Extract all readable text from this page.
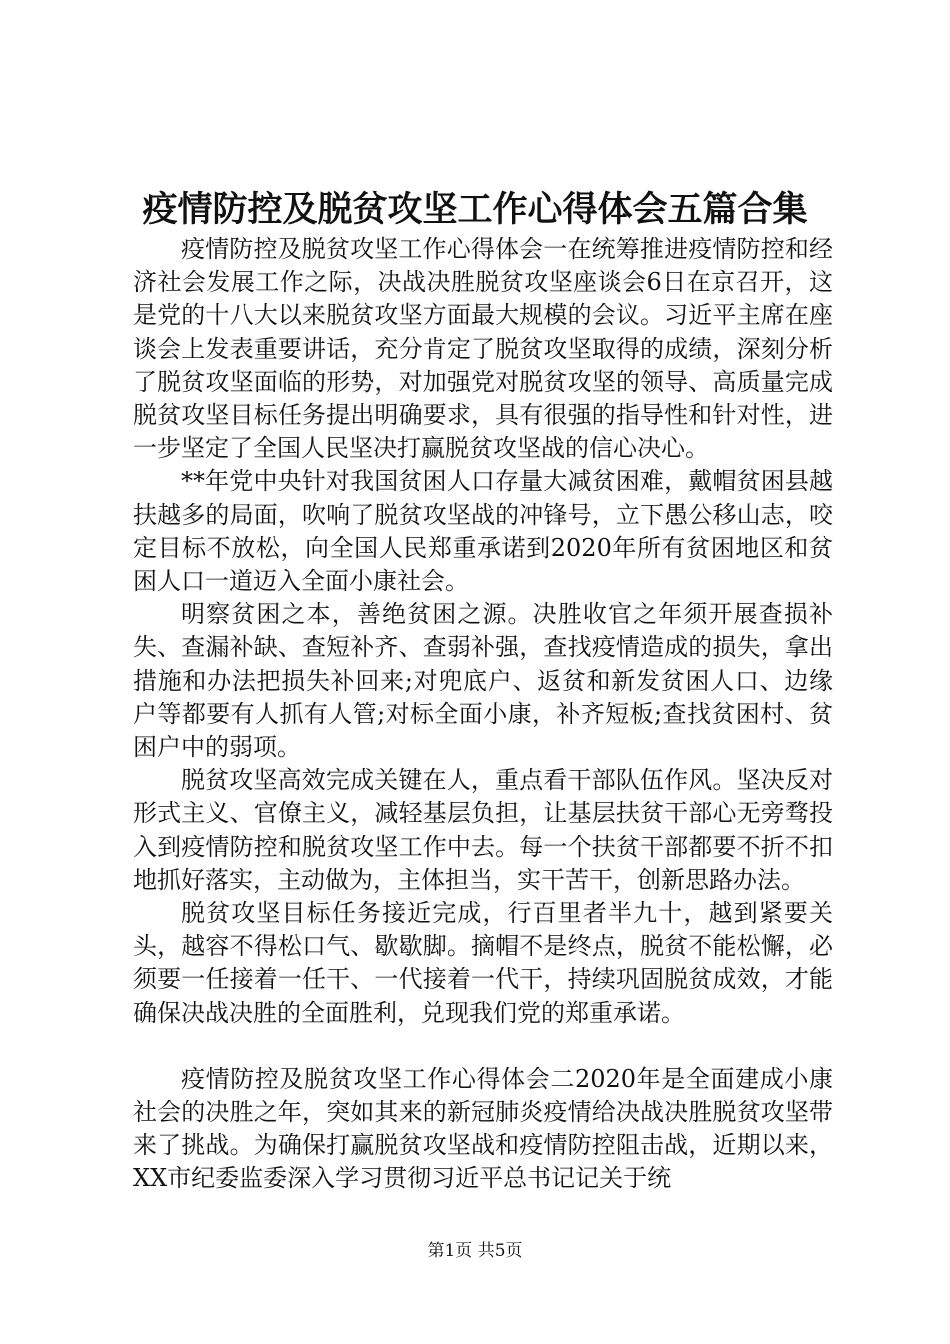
疫情防控及脱贫攻坚工作心得体会五篇合集

疫情防控及脱贫攻坚工作心得体会一在统筹推进疫情防控和经济社会发展工作之际，决战决胜脱贫攻坚座谈会6日在京召开，这是党的十八大以来脱贫攻坚方面最大规模的会议。习近平主席在座谈会上发表重要讲话，充分肯定了脱贫攻坚取得的成绩，深刻分析了脱贫攻坚面临的形势，对加强党对脱贫攻坚的领导、高质量完成脱贫攻坚目标任务提出明确要求，具有很强的指导性和针对性，进一步坚定了全国人民坚决打赢脱贫攻坚战的信心决心。

**年党中央针对我国贫困人口存量大减贫困难，戴帽贫困县越扶越多的局面，吹响了脱贫攻坚战的冲锋号，立下愚公移山志，咬定目标不放松，向全国人民郑重承诺到2020年所有贫困地区和贫困人口一道迈入全面小康社会。

明察贫困之本，善绝贫困之源。决胜收官之年须开展查损补失、查漏补缺、查短补齐、查弱补强，查找疫情造成的损失，拿出措施和办法把损失补回来;对兜底户、返贫和新发贫困人口、边缘户等都要有人抓有人管;对标全面小康，补齐短板;查找贫困村、贫困户中的弱项。

脱贫攻坚高效完成关键在人，重点看干部队伍作风。坚决反对形式主义、官僚主义，减轻基层负担，让基层扶贫干部心无旁骛投入到疫情防控和脱贫攻坚工作中去。每一个扶贫干部都要不折不扣地抓好落实，主动做为，主体担当，实干苦干，创新思路办法。

脱贫攻坚目标任务接近完成，行百里者半九十，越到紧要关头，越容不得松口气、歇歇脚。摘帽不是终点，脱贫不能松懈，必须要一任接着一任干、一代接着一代干，持续巩固脱贫成效，才能确保决战决胜的全面胜利，兑现我们党的郑重承诺。

疫情防控及脱贫攻坚工作心得体会二2020年是全面建成小康社会的决胜之年，突如其来的新冠肺炎疫情给决战决胜脱贫攻坚带来了挑战。为确保打赢脱贫攻坚战和疫情防控阻击战，近期以来，XX市纪委监委深入学习贯彻习近平总书记记关于统

第1页 共5页
